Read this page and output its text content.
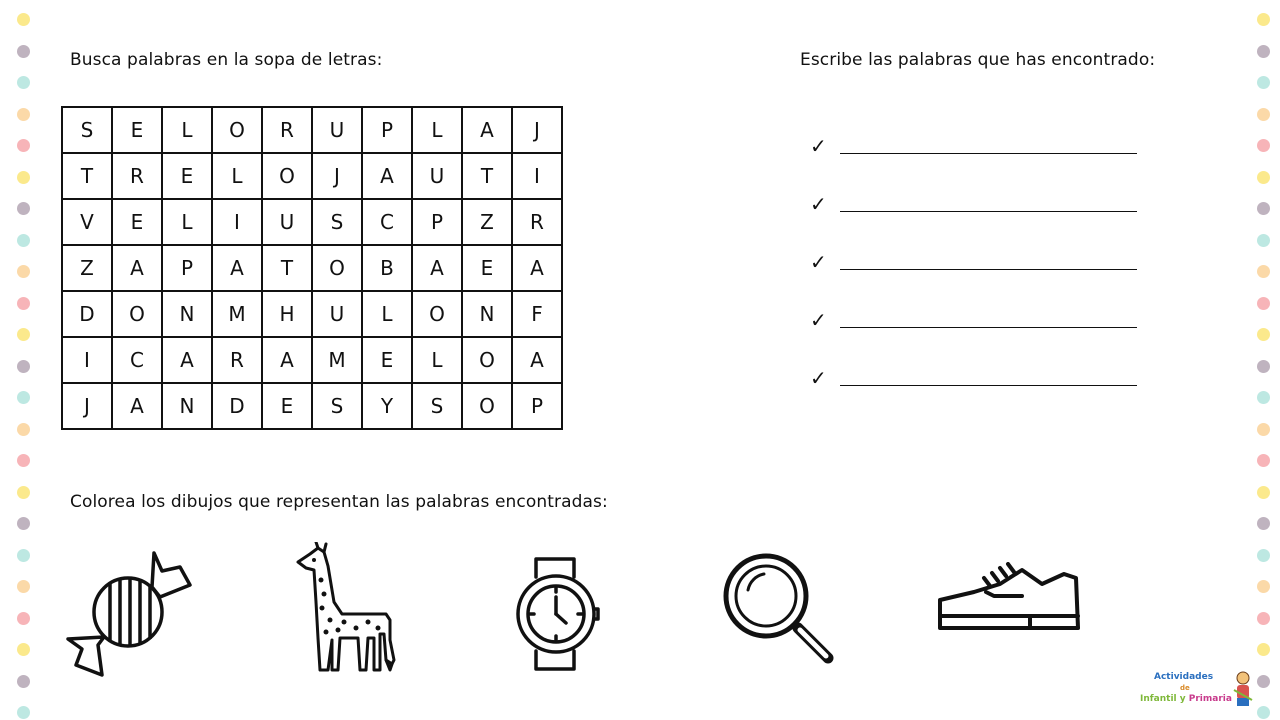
Busca palabras en la sopa de letras:	Escribe las palabras que has encontrado:
Colorea los dibujos que representan las palabras encontradas:
S	E	L	O	R	U	P	L	A	J
T	R	E	L	O	J	A	U	T	I
V	E	L	I	U	S	C	P	Z	R
Z	A	P	A	T	O	B	A	E	A
D	O	N	M	H	U	L	O	N	F
I	C	A	R	A	M	E	L	O	A
J	A	N	D	E	S	Y	S	O	P
✓
✓
✓
✓
✓
Actividades
de
Infantil y Primaria
